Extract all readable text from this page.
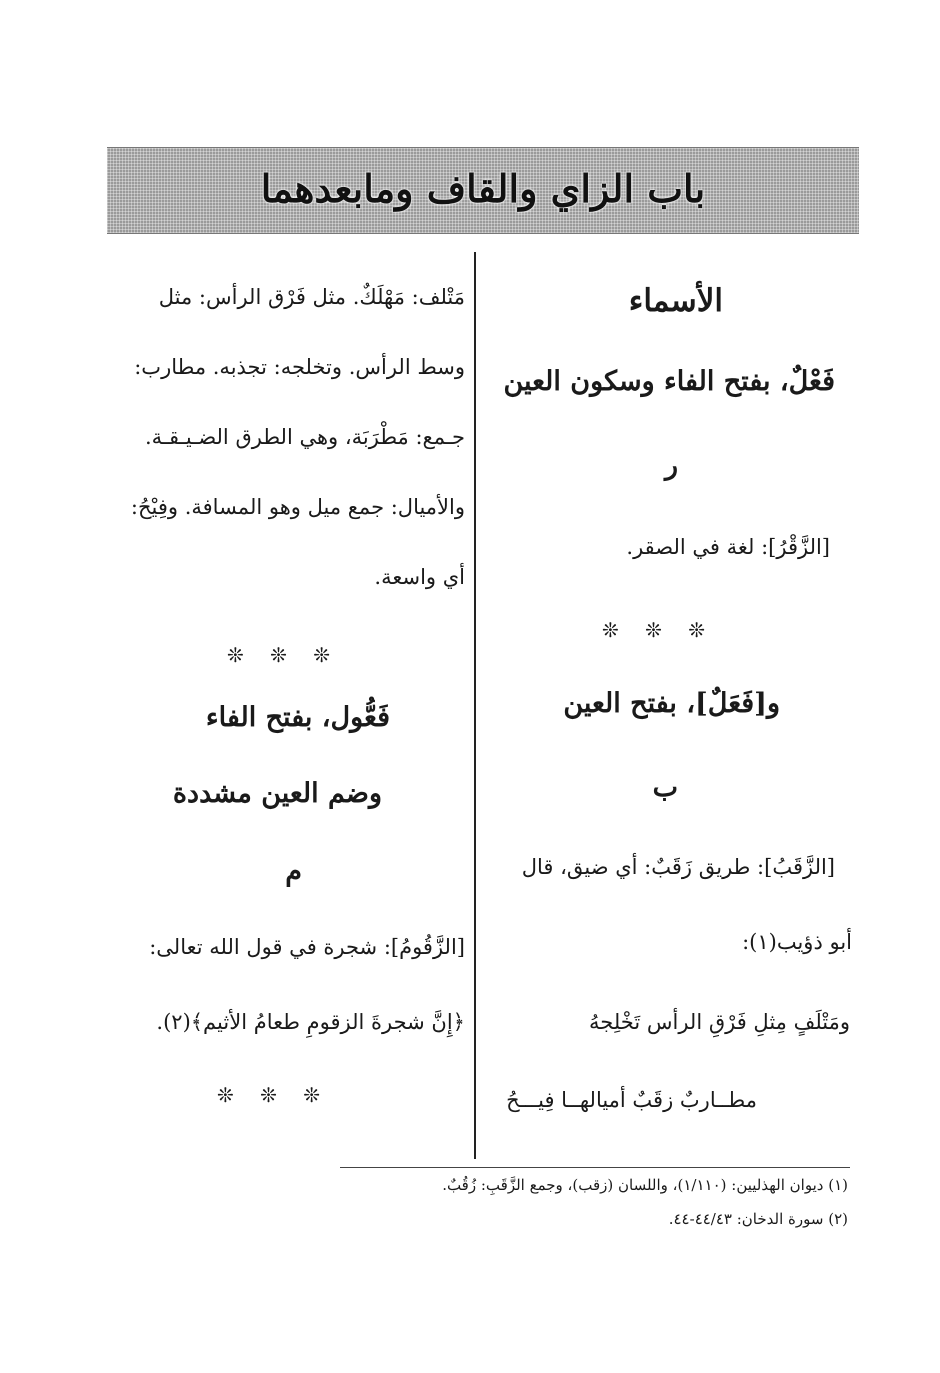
باب الزاي والقاف ومابعدهما
الأسماء
فَعْلٌ، بفتح الفاء وسكون العين
ر
[الزَّقْرُ]: لغة في الصقر.
❊ ❊ ❊
و[فَعَلٌ]، بفتح العين
ب
[الزَّقَبُ]: طريق زَقَبٌ: أي ضيق، قال
أبو ذؤيب(١):
ومَتْلَفٍ مِثلِ فَرْقِ الرأس تَخْلِجهُ
مطــاربٌ زقَبٌ أميالهــا فِيـــحُ
مَتْلف: مَهْلَكٌ. مثل فَرْق الرأس: مثل
وسط الرأس. وتخلجه: تجذبه. مطارب:
جـمع: مَطْرَبَة، وهي الطرق الضـيـقـة.
والأميال: جمع ميل وهو المسافة. وفِيْحُ:
أي واسعة.
❊ ❊ ❊
فَعُّول، بفتح الفاء
وضم العين مشددة
م
[الزَّقُومُ]: شجرة في قول الله تعالى:
﴿إِنَّ شجرةَ الزقومِ طعامُ الأثيم﴾(٢).
❊ ❊ ❊
(١) ديوان الهذليين: (١/١١٠)، واللسان (زقب)، وجمع الزَّقَبِ: زُقُبٌ.
(٢) سورة الدخان: ٤٤/٤٣-٤٤.
